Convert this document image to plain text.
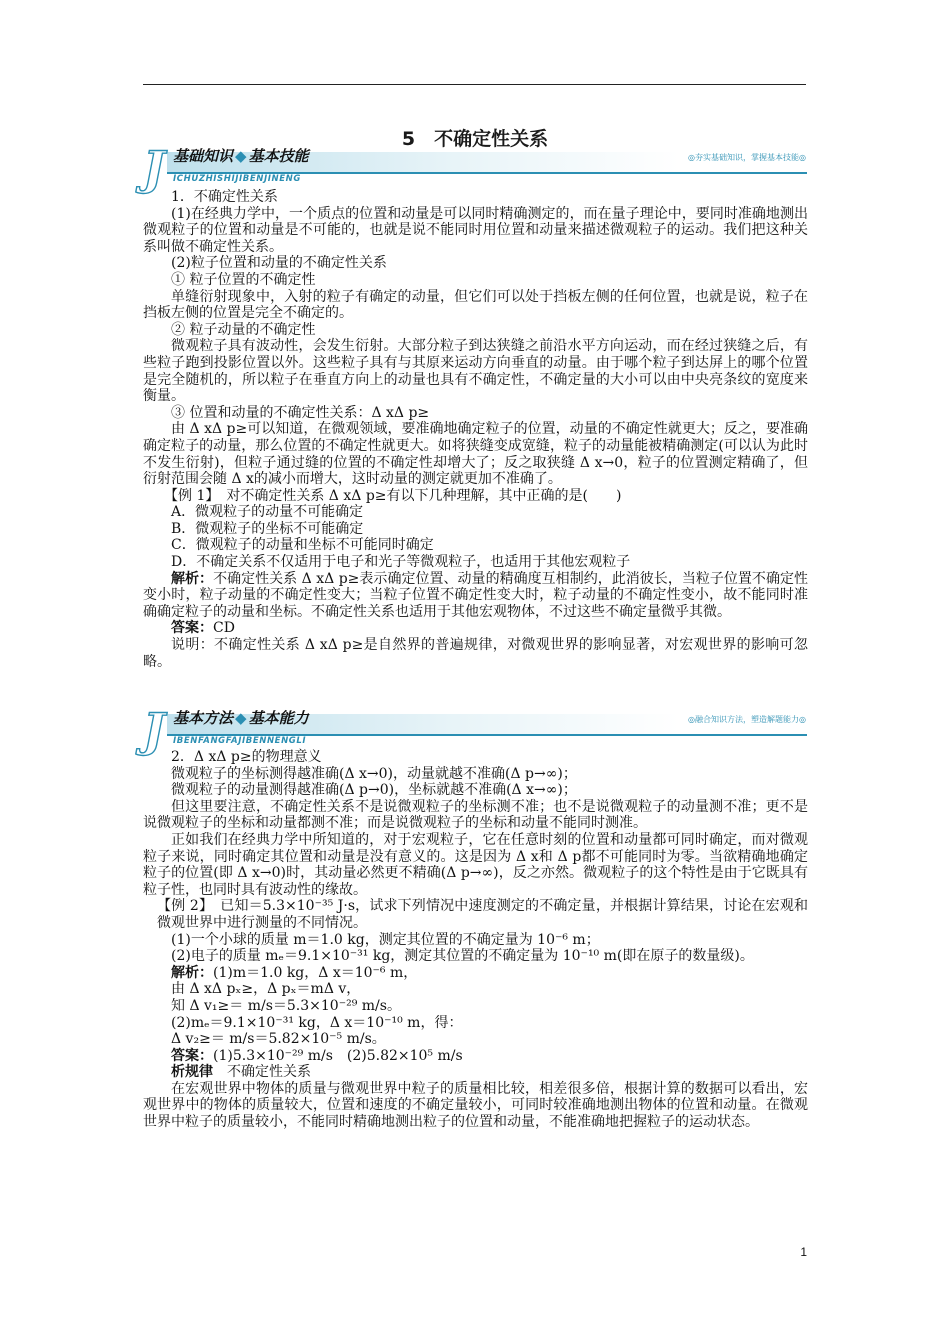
5　不确定性关系
J 基础知识 ◆ 基本技能
ICHUZHISHIJIBENJINENG
◎夯实基础知识，掌握基本技能◎

1．不确定性关系

(1)在经典力学中，一个质点的位置和动量是可以同时精确测定的，而在量子理论中，要同时准确地测出微观粒子的位置和动量是不可能的，也就是说不能同时用位置和动量来描述微观粒子的运动。我们把这种关系叫做不确定性关系。

(2)粒子位置和动量的不确定性关系

① 粒子位置的不确定性

单缝衍射现象中，入射的粒子有确定的动量，但它们可以处于挡板左侧的任何位置，也就是说，粒子在挡板左侧的位置是完全不确定的。

② 粒子动量的不确定性

微观粒子具有波动性，会发生衍射。大部分粒子到达狭缝之前沿水平方向运动，而在经过狭缝之后，有些粒子跑到投影位置以外。这些粒子具有与其原来运动方向垂直的动量。由于哪个粒子到达屏上的哪个位置是完全随机的，所以粒子在垂直方向上的动量也具有不确定性，不确定量的大小可以由中央亮条纹的宽度来衡量。

③ 位置和动量的不确定性关系：Δ xΔ p≥

由 Δ xΔ p≥可以知道，在微观领域，要准确地确定粒子的位置，动量的不确定性就更大；反之，要准确确定粒子的动量，那么位置的不确定性就更大。如将狭缝变成宽缝，粒子的动量能被精确测定(可以认为此时不发生衍射)，但粒子通过缝的位置的不确定性却增大了；反之取狭缝 Δ x→0，粒子的位置测定精确了，但衍射范围会随 Δ x的减小而增大，这时动量的测定就更加不准确了。

【例 1】　对不确定性关系 Δ xΔ p≥有以下几种理解，其中正确的是(　　)

A．微观粒子的动量不可能确定

B．微观粒子的坐标不可能确定

C．微观粒子的动量和坐标不可能同时确定

D．不确定关系不仅适用于电子和光子等微观粒子，也适用于其他宏观粒子

解析：不确定性关系 Δ xΔ p≥表示确定位置、动量的精确度互相制约，此消彼长，当粒子位置不确定性变小时，粒子动量的不确定性变大；当粒子位置不确定性变大时，粒子动量的不确定性变小，故不能同时准确确定粒子的动量和坐标。不确定性关系也适用于其他宏观物体，不过这些不确定量微乎其微。

答案：CD

说明：不确定性关系 Δ xΔ p≥是自然界的普遍规律，对微观世界的影响显著，对宏观世界的影响可忽略。

J 基本方法 ◆ 基本能力
IBENFANGFAJIBENNENGLI
◎融合知识方法，塑造解题能力◎

2．Δ xΔ p≥的物理意义

微观粒子的坐标测得越准确(Δ x→0)，动量就越不准确(Δ p→∞)；

微观粒子的动量测得越准确(Δ p→0)，坐标就越不准确(Δ x→∞)；

但这里要注意，不确定性关系不是说微观粒子的坐标测不准；也不是说微观粒子的动量测不准；更不是说微观粒子的坐标和动量都测不准；而是说微观粒子的坐标和动量不能同时测准。

正如我们在经典力学中所知道的，对于宏观粒子，它在任意时刻的位置和动量都可同时确定，而对微观粒子来说，同时确定其位置和动量是没有意义的。这是因为 Δ x和 Δ p都不可能同时为零。当欲精确地确定粒子的位置(即 Δ x→0)时，其动量必然更不精确(Δ p→∞)，反之亦然。微观粒子的这个特性是由于它既具有粒子性，也同时具有波动性的缘故。

【例 2】　已知＝5.3×10⁻³⁵ J·s，试求下列情况中速度测定的不确定量，并根据计算结果，讨论在宏观和微观世界中进行测量的不同情况。

(1)一个小球的质量 m＝1.0 kg，测定其位置的不确定量为 10⁻⁶ m；

(2)电子的质量 mₑ＝9.1×10⁻³¹ kg，测定其位置的不确定量为 10⁻¹⁰ m(即在原子的数量级)。

解析：(1)m＝1.0 kg，Δ x＝10⁻⁶ m，

由 Δ xΔ pₓ≥，Δ pₓ＝mΔ v，

知 Δ v₁≥＝ m/s＝5.3×10⁻²⁹ m/s。

(2)mₑ＝9.1×10⁻³¹ kg，Δ x＝10⁻¹⁰ m，得：

Δ v₂≥＝ m/s＝5.82×10⁻⁵ m/s。

答案：(1)5.3×10⁻²⁹ m/s　(2)5.82×10⁵ m/s

析规律　不确定性关系

在宏观世界中物体的质量与微观世界中粒子的质量相比较，相差很多倍，根据计算的数据可以看出，宏观世界中的物体的质量较大，位置和速度的不确定量较小，可同时较准确地测出物体的位置和动量。在微观世界中粒子的质量较小，不能同时精确地测出粒子的位置和动量，不能准确地把握粒子的运动状态。

1
